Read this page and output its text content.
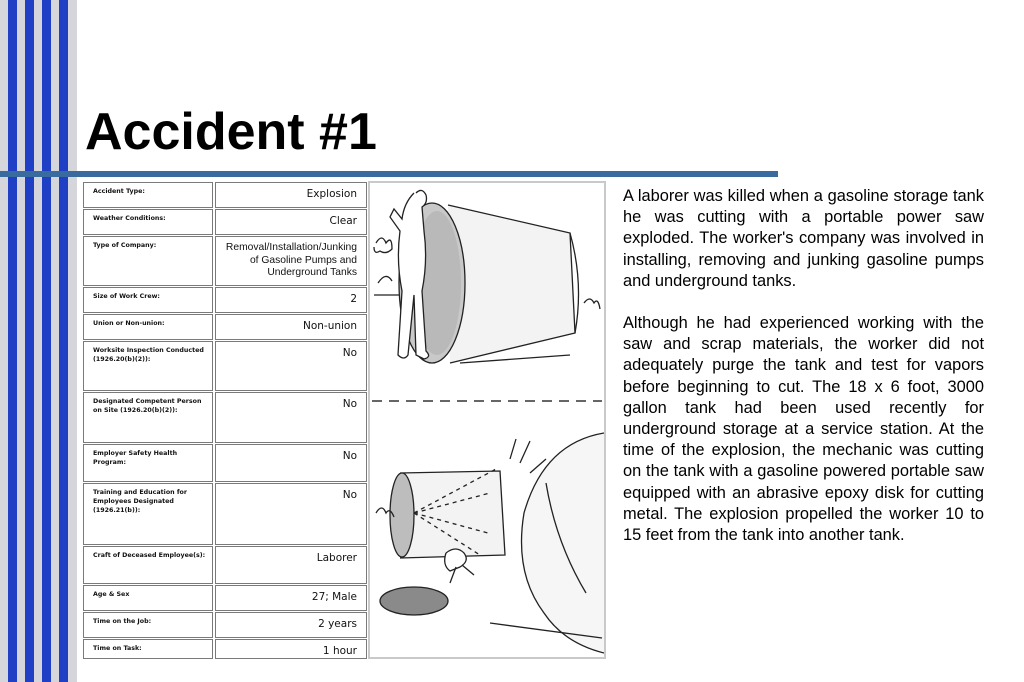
Accident #1
Accident Type:	Explosion
Weather Conditions:	Clear
Type of Company:	Removal/Installation/Junking of Gasoline Pumps and Underground Tanks
Size of Work Crew:	2
Union or Non-union:	Non-union
Worksite Inspection Conducted (1926.20(b)(2)):
No
Designated Competent Person on Site (1926.20(b)(2)):
No
Employer Safety Health Program:
No
Training and Education for Employees Designated (1926.21(b)):
No
Craft of Deceased Employee(s):	Laborer
Age & Sex	27; Male
Time on the Job:	2 years
Time on Task:	1 hour

A laborer was killed when a gasoline storage tank he was cutting with a portable power saw exploded. The worker's company was involved in installing, removing and junking gasoline pumps and underground tanks.

Although he had experienced working with the saw and scrap materials, the worker did not adequately purge the tank and test for vapors before beginning to cut. The 18 x 6 foot, 3000 gallon tank had been used recently for underground storage at a service station. At the time of the explosion, the mechanic was cutting on the tank with a gasoline powered portable saw equipped with an abrasive epoxy disk for cutting metal. The explosion propelled the worker 10 to 15 feet from the tank into another tank.
